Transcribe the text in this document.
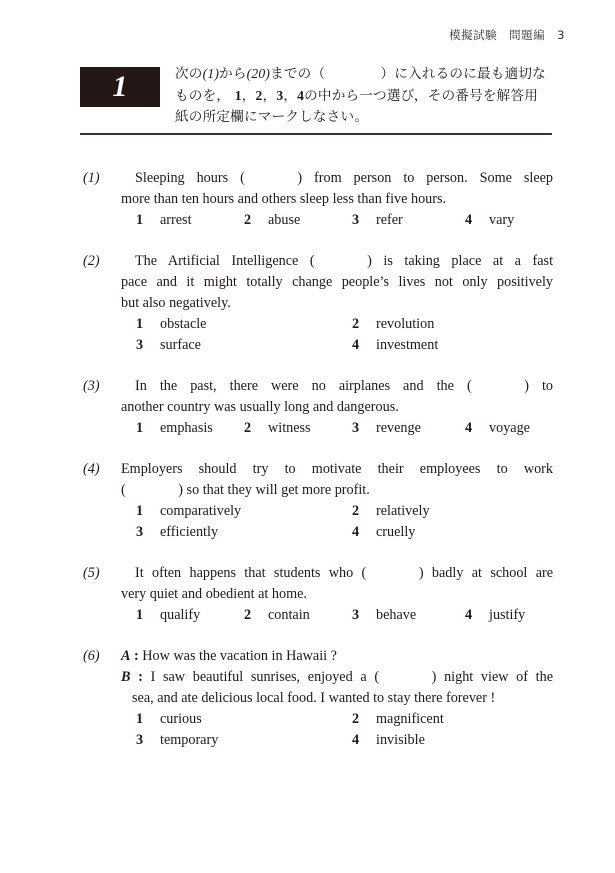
模擬試験 問題編 3
1	次の(1)から(20)までの（　　　　）に入れるのに最も適切な
ものを， 1，2，3，4の中から一つ選び，その番号を解答用
紙の所定欄にマークしなさい。
(1)	Sleeping hours ( )	from person to person. Some sleep
more than ten hours and others sleep less than five hours.
1 arrest	2 abuse	3 refer	4 vary
(2)	The Artificial Intelligence ( )	is taking place at a fast
pace and it might totally change people’s lives not only positively
but also negatively.
1 obstacle	2 revolution
3 surface	4 investment
(3)	In the past, there were no airplanes and the ( )	to
another country was usually long and dangerous.
1 emphasis	2 witness	3 revenge	4 voyage
(4)	Employers should try to motivate their employees to work
( ) so that they will get more profit.
1 comparatively	2 relatively
3 efficiently	4 cruelly
(5)	It often happens that students who ( )	badly at school are
very quiet and obedient at home.
1 qualify	2 contain	3 behave	4 justify
(6)	A : How was the vacation in Hawaii ?
B : I saw beautiful sunrises, enjoyed a ( )	night view of the
sea, and ate delicious local food. I wanted to stay there forever !
1 curious	2 magnificent
3 temporary	4 invisible
